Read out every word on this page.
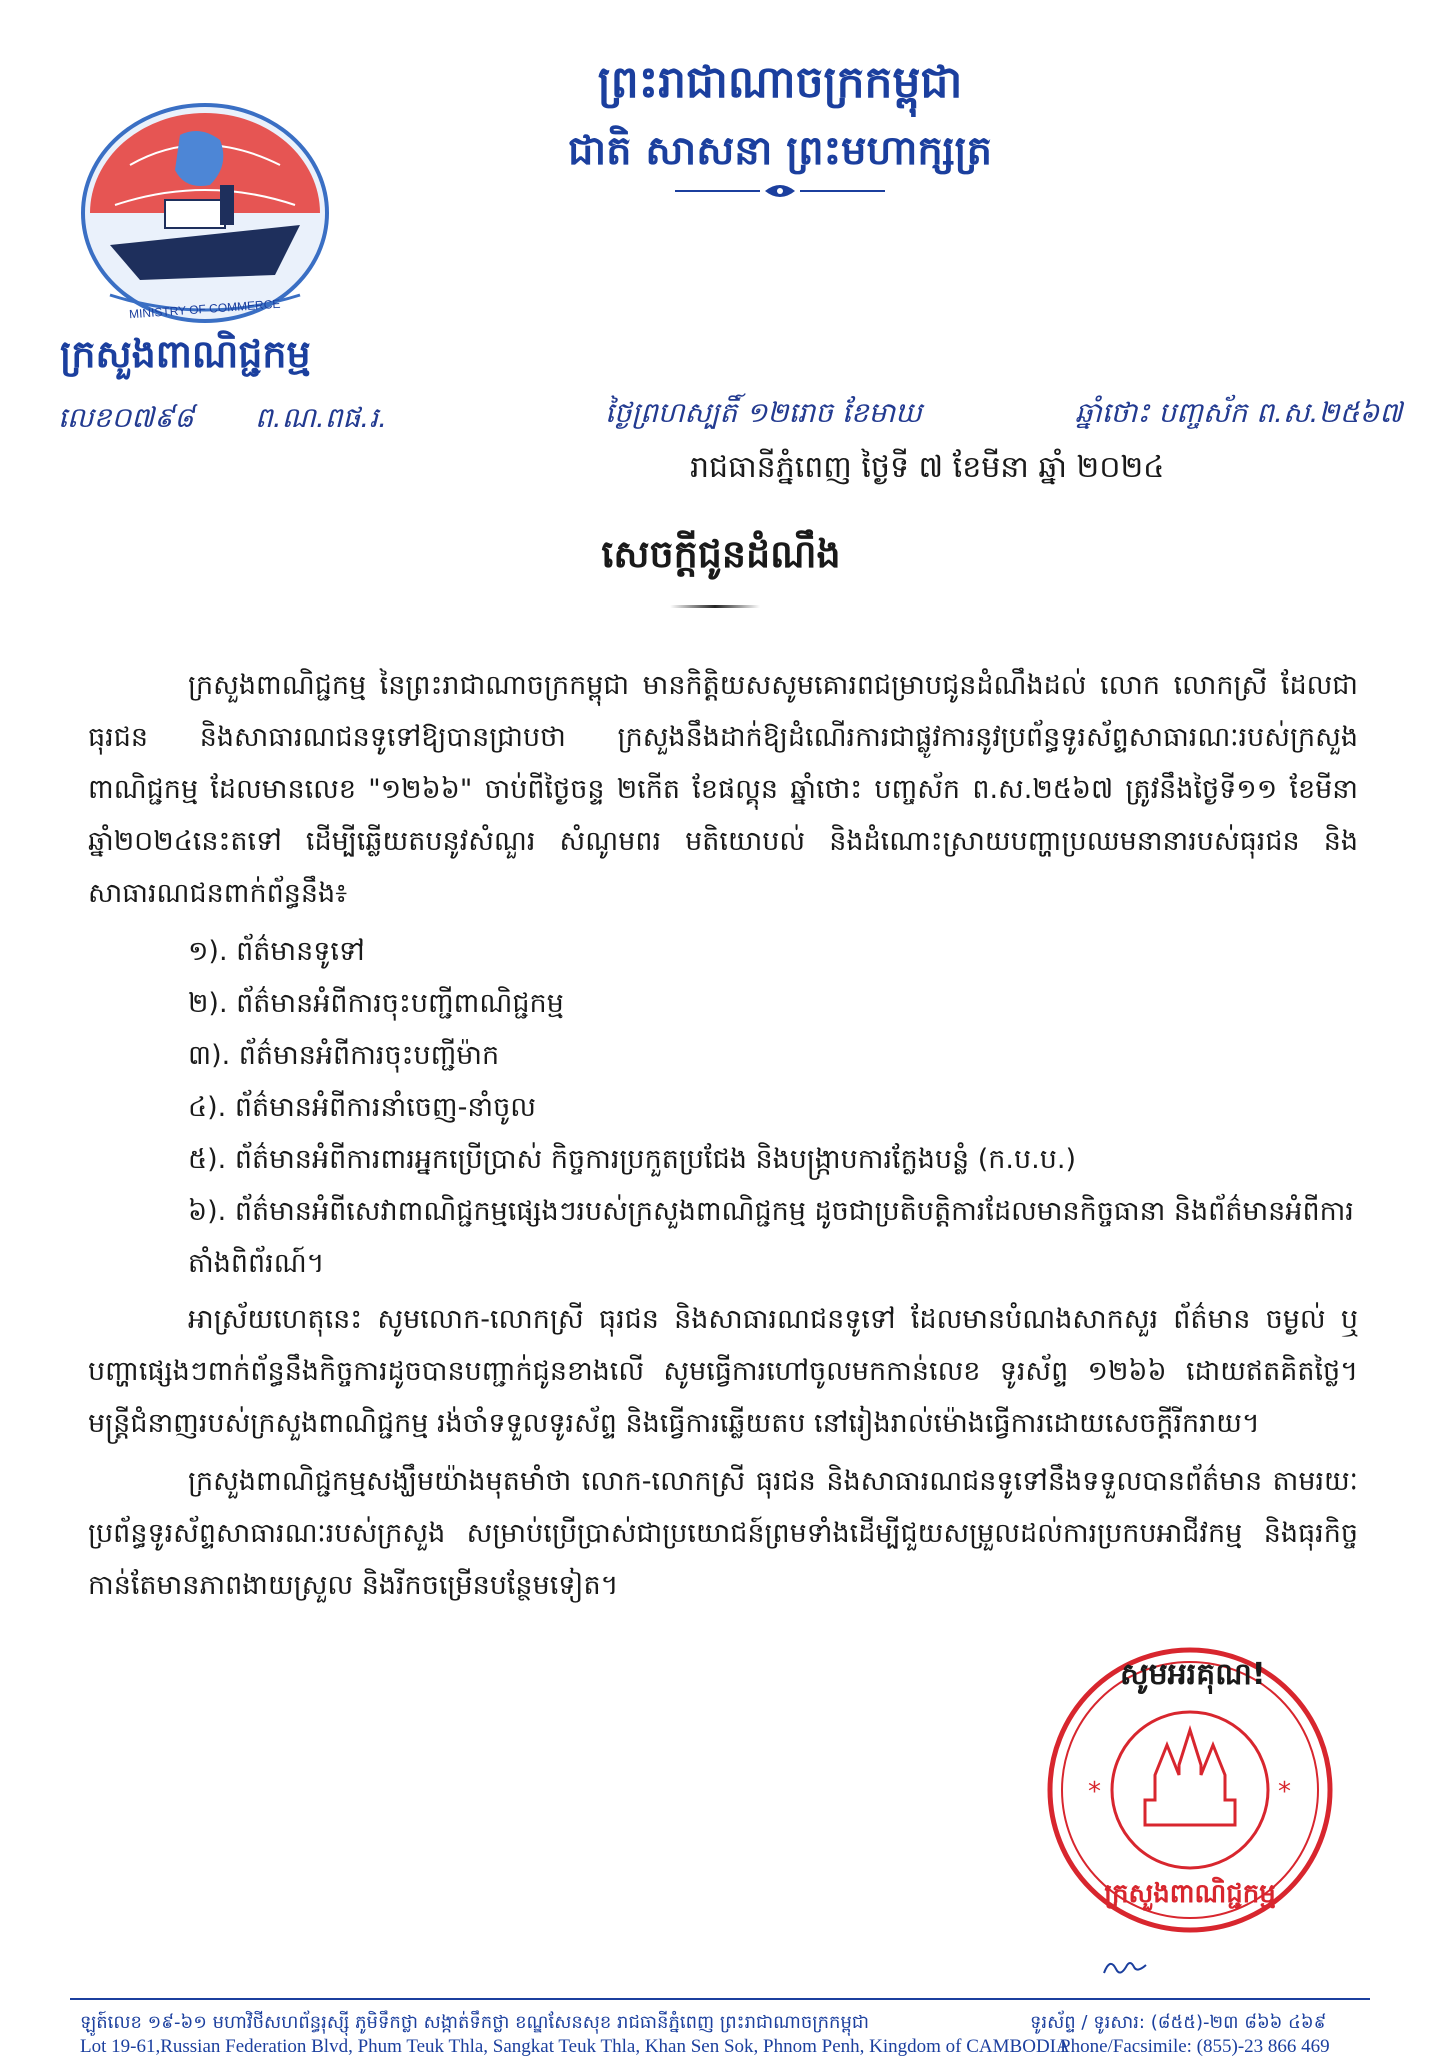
MINISTRY OF COMMERCE
ក្រសួងពាណិជ្ជកម្ម
លេខ០៧៩៨ ព.ណ.ពផ.រ.
ព្រះរាជាណាចក្រកម្ពុជា
ជាតិ សាសនា ព្រះមហាក្សត្រ
ថ្ងៃព្រហស្បតិ៍ ១២រោច ខែមាឃ	ឆ្នាំថោះ បញ្ចស័ក ព.ស.២៥៦៧
រាជធានីភ្នំពេញ ថ្ងៃទី ៧ ខែមីនា ឆ្នាំ ២០២៤
សេចក្តីជូនដំណឹង

ក្រសួងពាណិជ្ជកម្ម នៃព្រះរាជាណាចក្រកម្ពុជា មានកិត្តិយសសូមគោរពជម្រាបជូនដំណឹងដល់ លោក លោកស្រី ដែលជាធុរជន និងសាធារណជនទូទៅឱ្យបានជ្រាបថា ក្រសួងនឹងដាក់ឱ្យដំណើរការជាផ្លូវការនូវប្រព័ន្ធទូរស័ព្ទសាធារណៈរបស់ក្រសួងពាណិជ្ជកម្ម ដែលមានលេខ "១២៦៦" ចាប់ពីថ្ងៃចន្ទ ២កើត ខែផល្គុន ឆ្នាំថោះ បញ្ចស័ក ព.ស.២៥៦៧ ត្រូវនឹងថ្ងៃទី១១ ខែមីនា ឆ្នាំ២០២៤នេះតទៅ ដើម្បីឆ្លើយតបនូវសំណួរ សំណូមពរ មតិយោបល់ និងដំណោះស្រាយបញ្ហាប្រឈមនានារបស់ធុរជន និងសាធារណជនពាក់ព័ន្ធនឹង៖

១). ព័ត៌មានទូទៅ
២). ព័ត៌មានអំពីការចុះបញ្ជីពាណិជ្ជកម្ម
៣). ព័ត៌មានអំពីការចុះបញ្ជីម៉ាក
៤). ព័ត៌មានអំពីការនាំចេញ-នាំចូល
៥). ព័ត៌មានអំពីការពារអ្នកប្រើប្រាស់ កិច្ចការប្រកួតប្រជែង និងបង្ក្រាបការក្លែងបន្លំ (ក.ប.ប.)
៦). ព័ត៌មានអំពីសេវាពាណិជ្ជកម្មផ្សេងៗរបស់ក្រសួងពាណិជ្ជកម្ម ដូចជាប្រតិបត្តិការដែលមានកិច្ចធានា និងព័ត៌មានអំពីការតាំងពិព័រណ៍។

អាស្រ័យហេតុនេះ សូមលោក-លោកស្រី ធុរជន និងសាធារណជនទូទៅ ដែលមានបំណងសាកសួរ ព័ត៌មាន ចម្ងល់ ឬបញ្ហាផ្សេងៗពាក់ព័ន្ធនឹងកិច្ចការដូចបានបញ្ជាក់ជូនខាងលើ សូមធ្វើការហៅចូលមកកាន់លេខ ទូរស័ព្ទ ១២៦៦ ដោយឥតគិតថ្លៃ។ មន្ត្រីជំនាញរបស់ក្រសួងពាណិជ្ជកម្ម រង់ចាំទទួលទូរស័ព្ទ និងធ្វើការឆ្លើយតប នៅរៀងរាល់ម៉ោងធ្វើការដោយសេចក្តីរីករាយ។

ក្រសួងពាណិជ្ជកម្មសង្ឃឹមយ៉ាងមុតមាំថា លោក-លោកស្រី ធុរជន និងសាធារណជនទូទៅនឹងទទួលបានព័ត៌មាន តាមរយៈប្រព័ន្ធទូរស័ព្ទសាធារណៈរបស់ក្រសួង សម្រាប់ប្រើប្រាស់ជាប្រយោជន៍ព្រមទាំងដើម្បីជួយសម្រួលដល់ការប្រកបអាជីវកម្ម និងធុរកិច្ចកាន់តែមានភាពងាយស្រួល និងរីកចម្រើនបន្ថែមទៀត។

*	*
ក្រសួងពាណិជ្ជកម្ម
សូមអរគុណ!
ឡូត៍លេខ ១៩-៦១ មហាវិថីសហព័ន្ធរុស្ស៊ី ភូមិទឹកថ្លា សង្កាត់ទឹកថ្លា ខណ្ឌសែនសុខ រាជធានីភ្នំពេញ ព្រះរាជាណាចក្រកម្ពុជា	ទូរស័ព្ទ / ទូរសារ: (៨៥៥)-២៣ ៨៦៦ ៤៦៩
Lot 19-61,Russian Federation Blvd, Phum Teuk Thla, Sangkat Teuk Thla, Khan Sen Sok, Phnom Penh, Kingdom of CAMBODIA
Phone/Facsimile: (855)-23 866 469
